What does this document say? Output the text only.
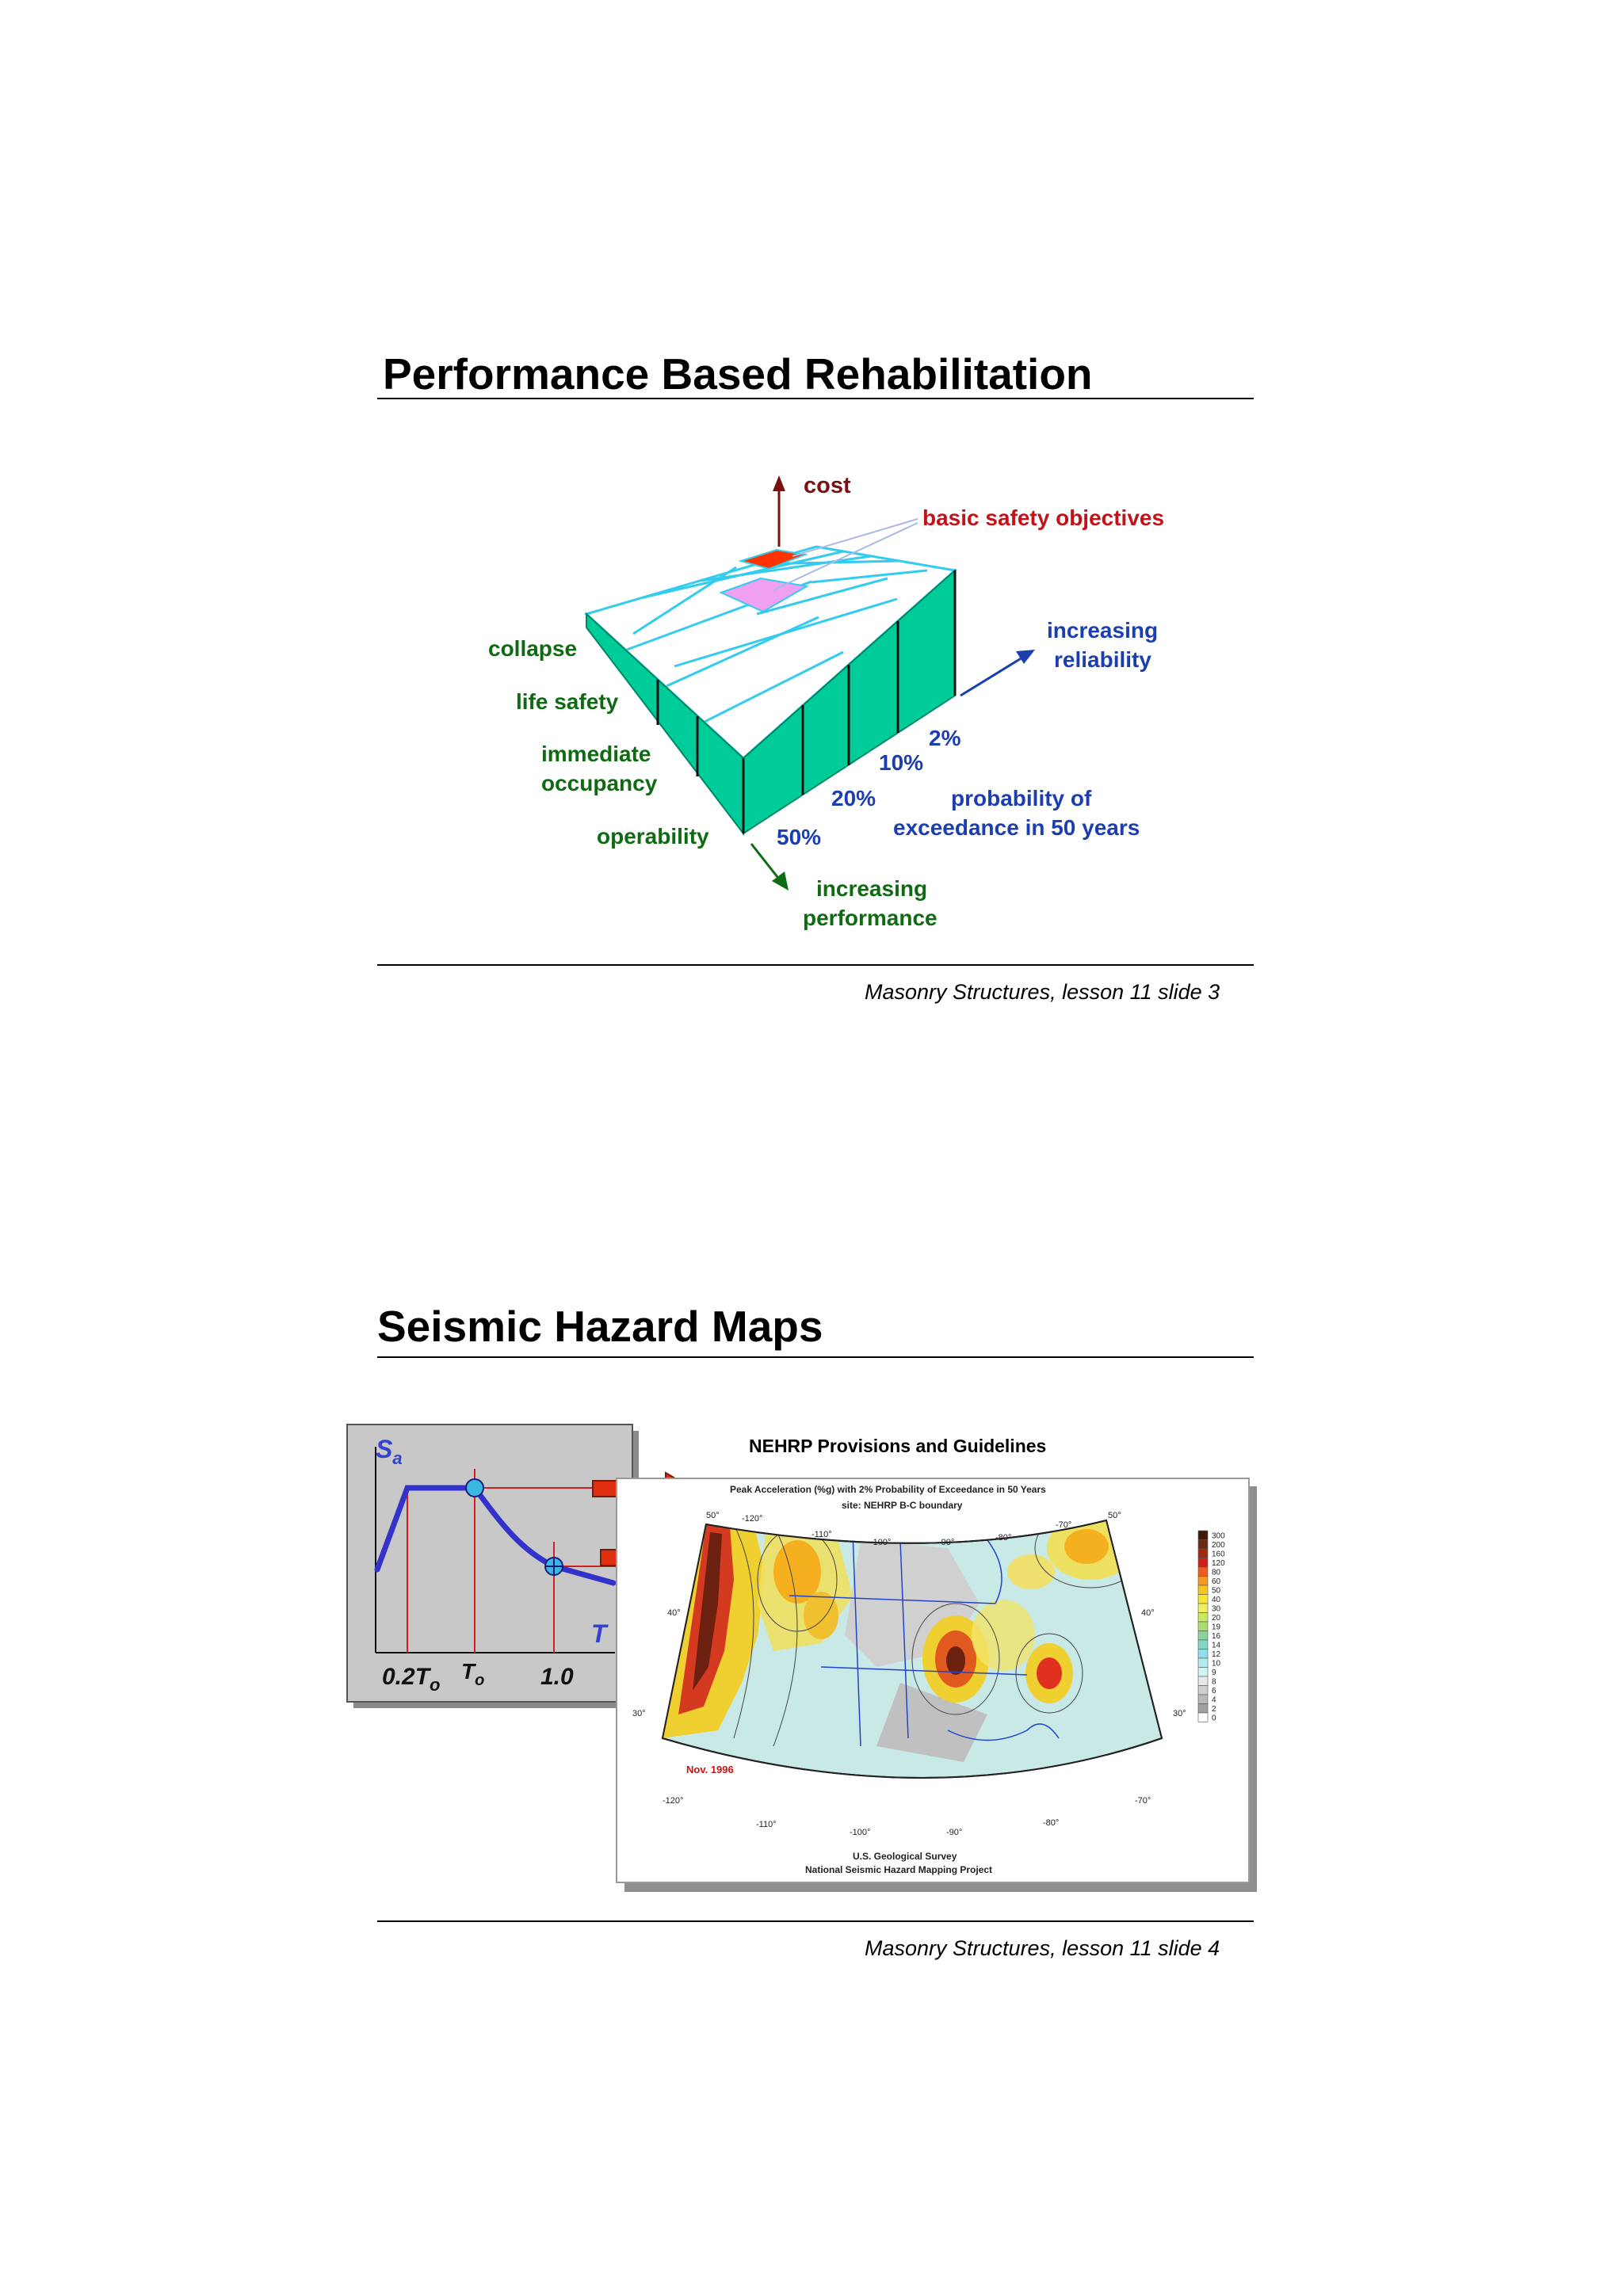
Performance Based Rehabilitation
cost
basic safety objectives
collapse
life safety
immediate
occupancy
operability
increasing
performance
increasing
reliability
2%
10%
20%
50%
probability of
exceedance in 50 years
Masonry Structures, lesson 11 slide 3
Seismic Hazard Maps
$S_a$
T
$0.2T_o$
$T_o$ 1.0
NEHRP Provisions and Guidelines
Peak Acceleration (%g) with 2% Probability of Exceedance in 50 Years
site: NEHRP B-C boundary
-120°
-110°
-100°	-90°	-80°
-70°
50°
40°
30°
50°
40°
30°
-120°
-110°
-100°	-90°
-80°
-70°
Nov. 1996
U.S. Geological Survey
National Seismic Hazard Mapping Project
300
200
160
120
80
60
50
40
30
20
19
16
14
12
10
9
8
6
4
2
0
Masonry Structures, lesson 11 slide 4
